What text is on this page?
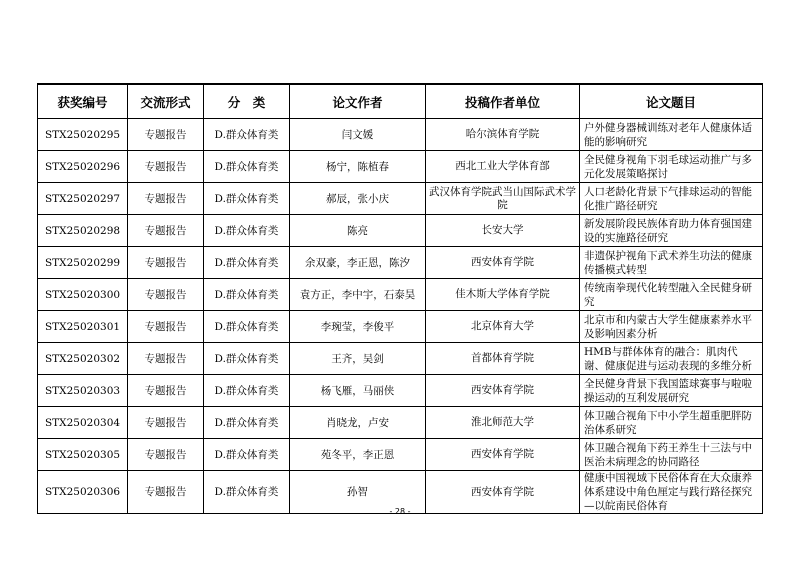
获奖编号	交流形式	分　类	论文作者	投稿作者单位	论文题目
STX25020295	专题报告	D.群众体育类	闫文媛	哈尔滨体育学院	户外健身器械训练对老年人健康体适能的影响研究
STX25020296	专题报告	D.群众体育类	杨宁，陈植春	西北工业大学体育部	全民健身视角下羽毛球运动推广与多元化发展策略探讨
STX25020297	专题报告	D.群众体育类	郝辰，张小庆	武汉体育学院武当山国际武术学院	人口老龄化背景下气排球运动的智能化推广路径研究
STX25020298	专题报告	D.群众体育类	陈亮	长安大学	新发展阶段民族体育助力体育强国建设的实施路径研究
STX25020299	专题报告	D.群众体育类	余双豪，李正恩，陈汐	西安体育学院	非遗保护视角下武术养生功法的健康传播模式转型
STX25020300	专题报告	D.群众体育类	袁方正，李中宇，石泰昊	佳木斯大学体育学院	传统南拳现代化转型融入全民健身研究
STX25020301	专题报告	D.群众体育类	李琬莹，李俊平	北京体育大学	北京市和内蒙古大学生健康素养水平及影响因素分析
STX25020302	专题报告	D.群众体育类	王齐，吴剑	首都体育学院	HMB与群体体育的融合：肌肉代谢、健康促进与运动表现的多维分析
STX25020303	专题报告	D.群众体育类	杨飞雁，马丽侠	西安体育学院	全民健身背景下我国篮球赛事与啦啦操运动的互利发展研究
STX25020304	专题报告	D.群众体育类	肖晓龙，卢安	淮北师范大学	体卫融合视角下中小学生超重肥胖防治体系研究
STX25020305	专题报告	D.群众体育类	苑冬平，李正恩	西安体育学院	体卫融合视角下药王养生十三法与中医治未病理念的协同路径
STX25020306	专题报告	D.群众体育类	孙智	西安体育学院	健康中国视域下民俗体育在大众康养体系建设中角色厘定与践行路径探究—以皖南民俗体育
- 28 -
